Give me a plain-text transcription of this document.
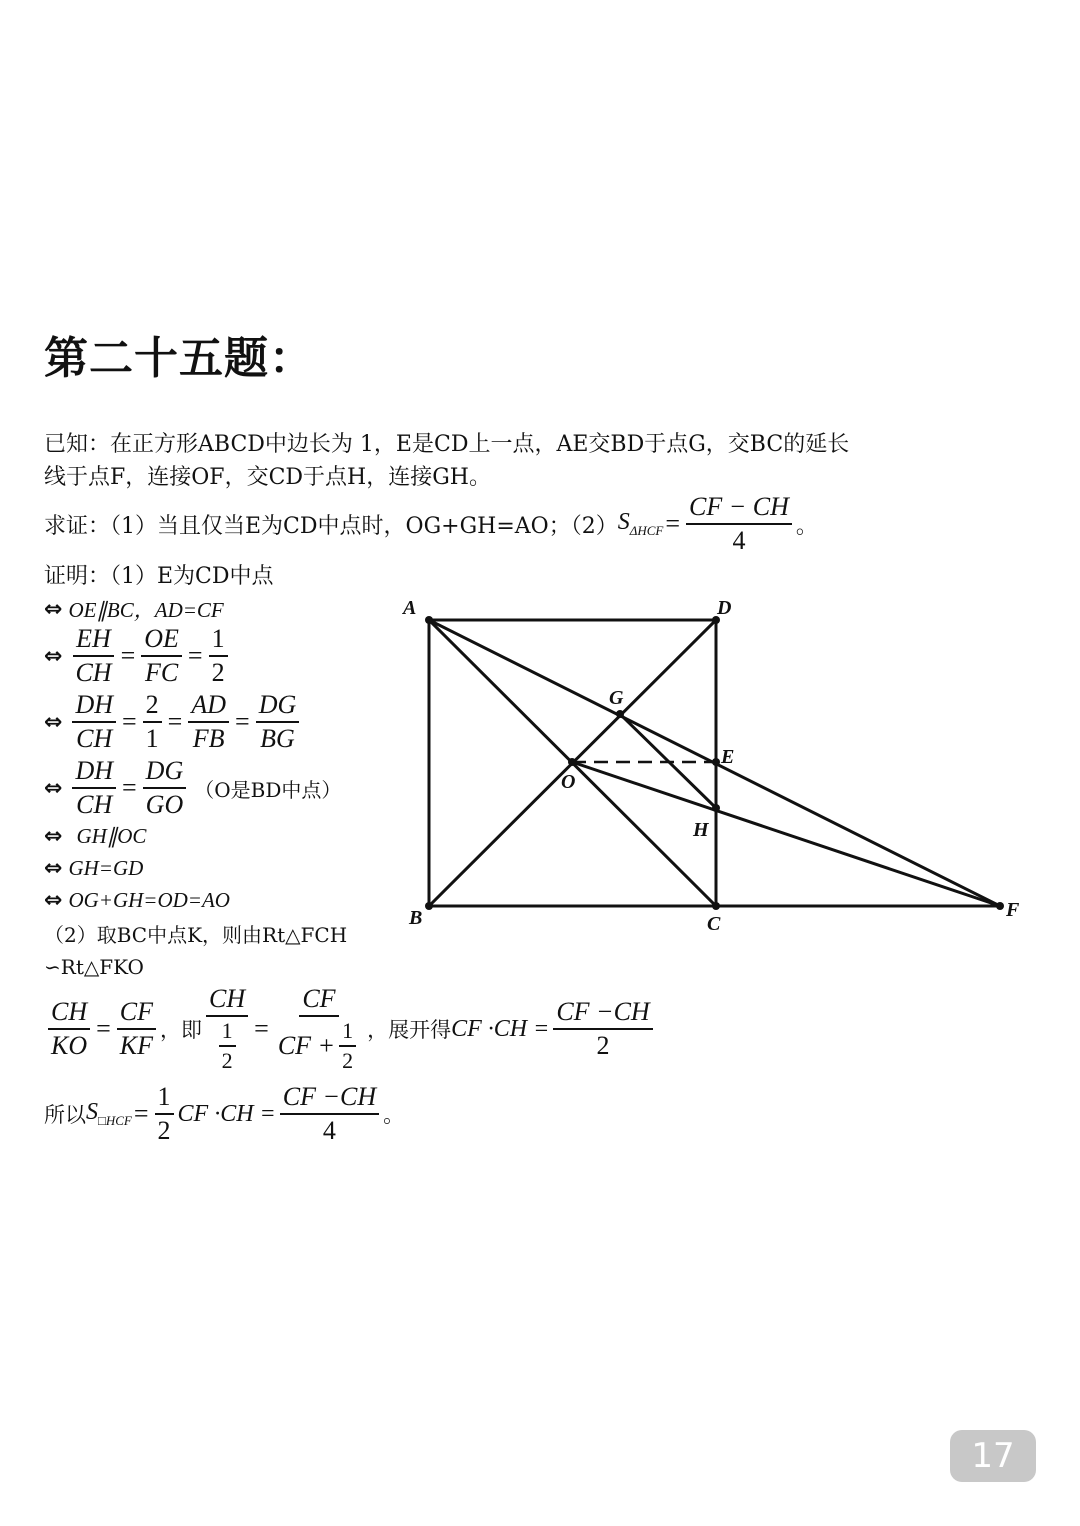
第二十五题：
已知：在正方形ABCD中边长为 1，E是CD上一点，AE交BD于点G，交BC的延长
线于点F，连接OF，交CD于点H，连接GH。
求证：（1）当且仅当E为CD中点时，OG+GH=AO；（2） $S_{\Delta HCF} = \frac{CF - CH}{4}$ 。
证明：（1）E为CD中点
⇔ OE∥BC，AD=CF
⇔ $\frac{EH}{CH} = \frac{OE}{FC} = \frac{1}{2}$
⇔ $\frac{DH}{CH} = \frac{2}{1} = \frac{AD}{FB} = \frac{DG}{BG}$
⇔ $\frac{DH}{CH} = \frac{DG}{GO} (O$是BD中点）
⇔ GH∥OC
⇔ GH=GD
⇔ OG+GH=OD=AO
（2）取BC中点K，则由Rt△FCH
∽Rt△FKO
$\frac{CH}{KO} = \frac{CF}{KF}$ ，即 $\frac{CH}{\frac{1}{2}} = \frac{CF}{CF + \frac{1}{2}}$ ，展开得 CF $\cdot CH = \frac{CF -CH}{2}$
所以 $S_{□HCF} = \frac{1}{2}$ CF $\cdot CH = \frac{CF -CH}{4}$ 。
A	D
B	C
F
O
G
E
H
17
